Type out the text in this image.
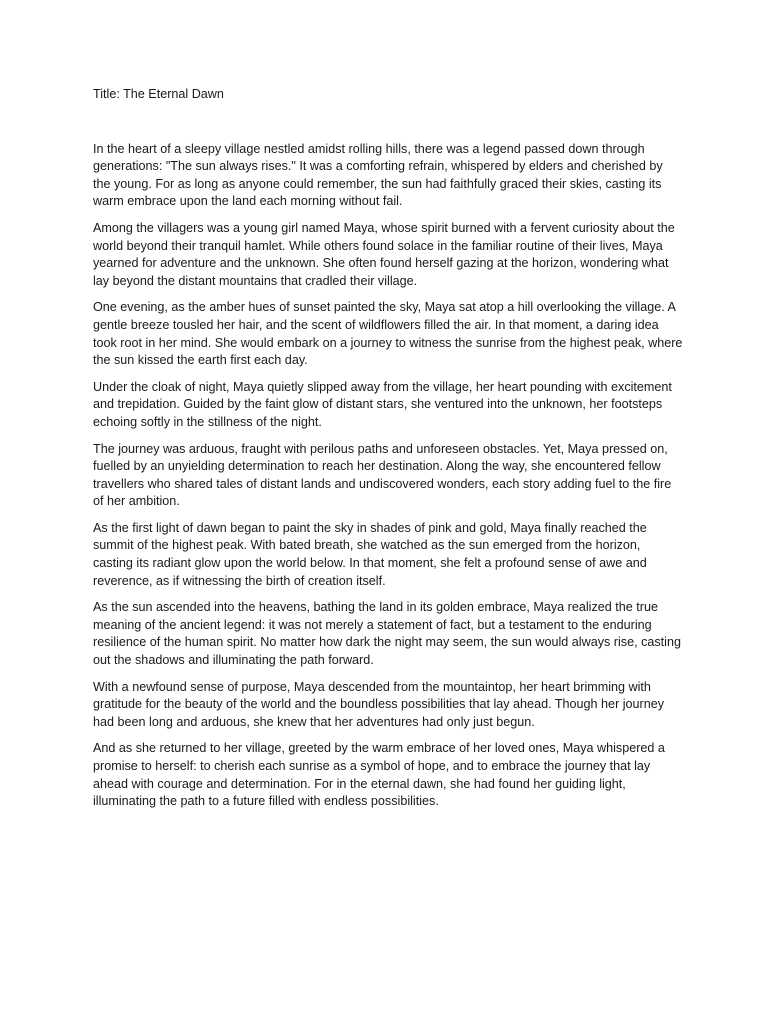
Title: The Eternal Dawn

In the heart of a sleepy village nestled amidst rolling hills, there was a legend passed down through generations: "The sun always rises." It was a comforting refrain, whispered by elders and cherished by the young. For as long as anyone could remember, the sun had faithfully graced their skies, casting its warm embrace upon the land each morning without fail.

Among the villagers was a young girl named Maya, whose spirit burned with a fervent curiosity about the world beyond their tranquil hamlet. While others found solace in the familiar routine of their lives, Maya yearned for adventure and the unknown. She often found herself gazing at the horizon, wondering what lay beyond the distant mountains that cradled their village.

One evening, as the amber hues of sunset painted the sky, Maya sat atop a hill overlooking the village. A gentle breeze tousled her hair, and the scent of wildflowers filled the air. In that moment, a daring idea took root in her mind. She would embark on a journey to witness the sunrise from the highest peak, where the sun kissed the earth first each day.

Under the cloak of night, Maya quietly slipped away from the village, her heart pounding with excitement and trepidation. Guided by the faint glow of distant stars, she ventured into the unknown, her footsteps echoing softly in the stillness of the night.

The journey was arduous, fraught with perilous paths and unforeseen obstacles. Yet, Maya pressed on, fuelled by an unyielding determination to reach her destination. Along the way, she encountered fellow travellers who shared tales of distant lands and undiscovered wonders, each story adding fuel to the fire of her ambition.

As the first light of dawn began to paint the sky in shades of pink and gold, Maya finally reached the summit of the highest peak. With bated breath, she watched as the sun emerged from the horizon, casting its radiant glow upon the world below. In that moment, she felt a profound sense of awe and reverence, as if witnessing the birth of creation itself.

As the sun ascended into the heavens, bathing the land in its golden embrace, Maya realized the true meaning of the ancient legend: it was not merely a statement of fact, but a testament to the enduring resilience of the human spirit. No matter how dark the night may seem, the sun would always rise, casting out the shadows and illuminating the path forward.

With a newfound sense of purpose, Maya descended from the mountaintop, her heart brimming with gratitude for the beauty of the world and the boundless possibilities that lay ahead. Though her journey had been long and arduous, she knew that her adventures had only just begun.

And as she returned to her village, greeted by the warm embrace of her loved ones, Maya whispered a promise to herself: to cherish each sunrise as a symbol of hope, and to embrace the journey that lay ahead with courage and determination. For in the eternal dawn, she had found her guiding light, illuminating the path to a future filled with endless possibilities.
